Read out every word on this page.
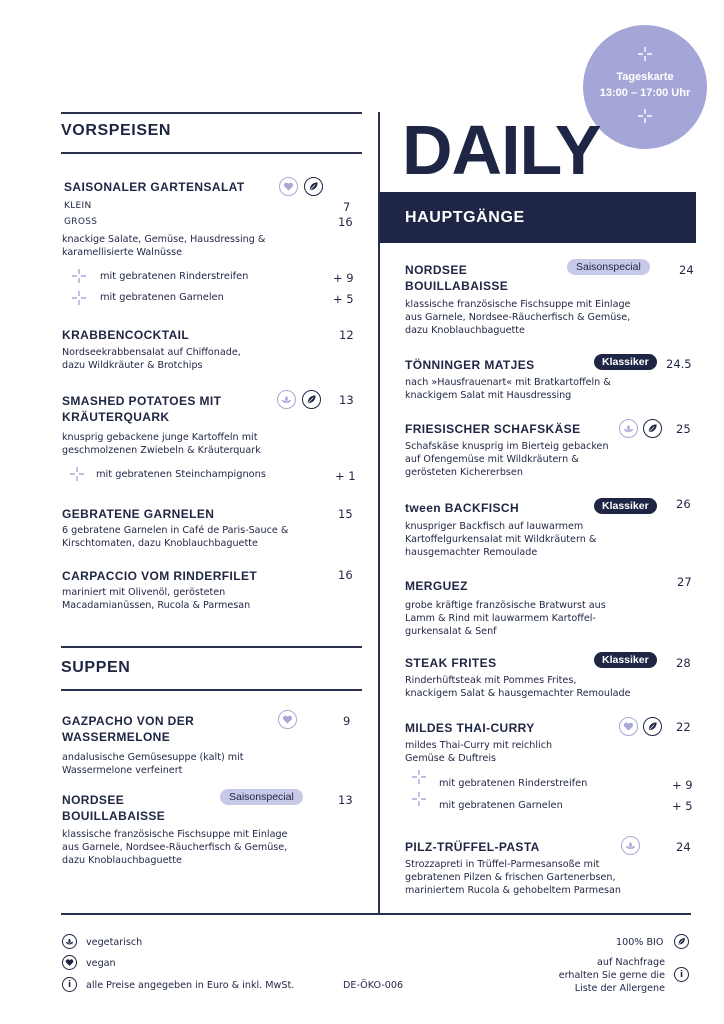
Tageskarte
13:00 – 17:00 Uhr
DAILY
VORSPEISEN
SAISONALER GARTENSALAT
KLEIN	7
GROSS	16
knackige Salate, Gemüse, Hausdressing &
karamellisierte Walnüsse
mit gebratenen Rinderstreifen	+ 9
mit gebratenen Garnelen	+ 5
KRABBENCOCKTAIL	12
Nordseekrabbensalat auf Chiffonade,
dazu Wildkräuter & Brotchips
SMASHED POTATOES MIT
KRÄUTERQUARK
13
knusprig gebackene junge Kartoffeln mit
geschmolzenen Zwiebeln & Kräuterquark
mit gebratenen Steinchampignons	+ 1
GEBRATENE GARNELEN	15
6 gebratene Garnelen in Café de Paris-Sauce &
Kirschtomaten, dazu Knoblauchbaguette
CARPACCIO VOM RINDERFILET	16
mariniert mit Olivenöl, gerösteten
Macadamianüssen, Rucola & Parmesan
SUPPEN
GAZPACHO VON DER
WASSERMELONE
9
andalusische Gemüsesuppe (kalt) mit
Wassermelone verfeinert
NORDSEE
BOUILLABAISSE
Saisonspecial	13
klassische französische Fischsuppe mit Einlage
aus Garnele, Nordsee-Räucherfisch & Gemüse,
dazu Knoblauchbaguette
HAUPTGÄNGE
NORDSEE
BOUILLABAISSE
Saisonspecial	24
klassische französische Fischsuppe mit Einlage
aus Garnele, Nordsee-Räucherfisch & Gemüse,
dazu Knoblauchbaguette
TÖNNINGER MATJES	Klassiker	24.5
nach »Hausfrauenart« mit Bratkartoffeln &
knackigem Salat mit Hausdressing
FRIESISCHER SCHAFSKÄSE	25
Schafskäse knusprig im Bierteig gebacken
auf Ofengemüse mit Wildkräutern &
gerösteten Kichererbsen
tween BACKFISCH	Klassiker	26
knuspriger Backfisch auf lauwarmem
Kartoffelgurkensalat mit Wildkräutern &
hausgemachter Remoulade
MERGUEZ	27
grobe kräftige französische Bratwurst aus
Lamm & Rind mit lauwarmem Kartoffel-
gurkensalat & Senf
STEAK FRITES	Klassiker	28
Rinderhüftsteak mit Pommes Frites,
knackigem Salat & hausgemachter Remoulade
MILDES THAI-CURRY	22
mildes Thai-Curry mit reichlich
Gemüse & Duftreis
mit gebratenen Rinderstreifen	+ 9
mit gebratenen Garnelen	+ 5
PILZ-TRÜFFEL-PASTA	24
Strozzapreti in Trüffel-Parmesansoße mit
gebratenen Pilzen & frischen Gartenerbsen,
mariniertem Rucola & gehobeltem Parmesan
vegetarisch
vegan
i alle Preise angegeben in Euro & inkl. MwSt.	DE-ÖKO-006
100% BIO
auf Nachfrage
erhalten Sie gerne die
Liste der Allergene
i
